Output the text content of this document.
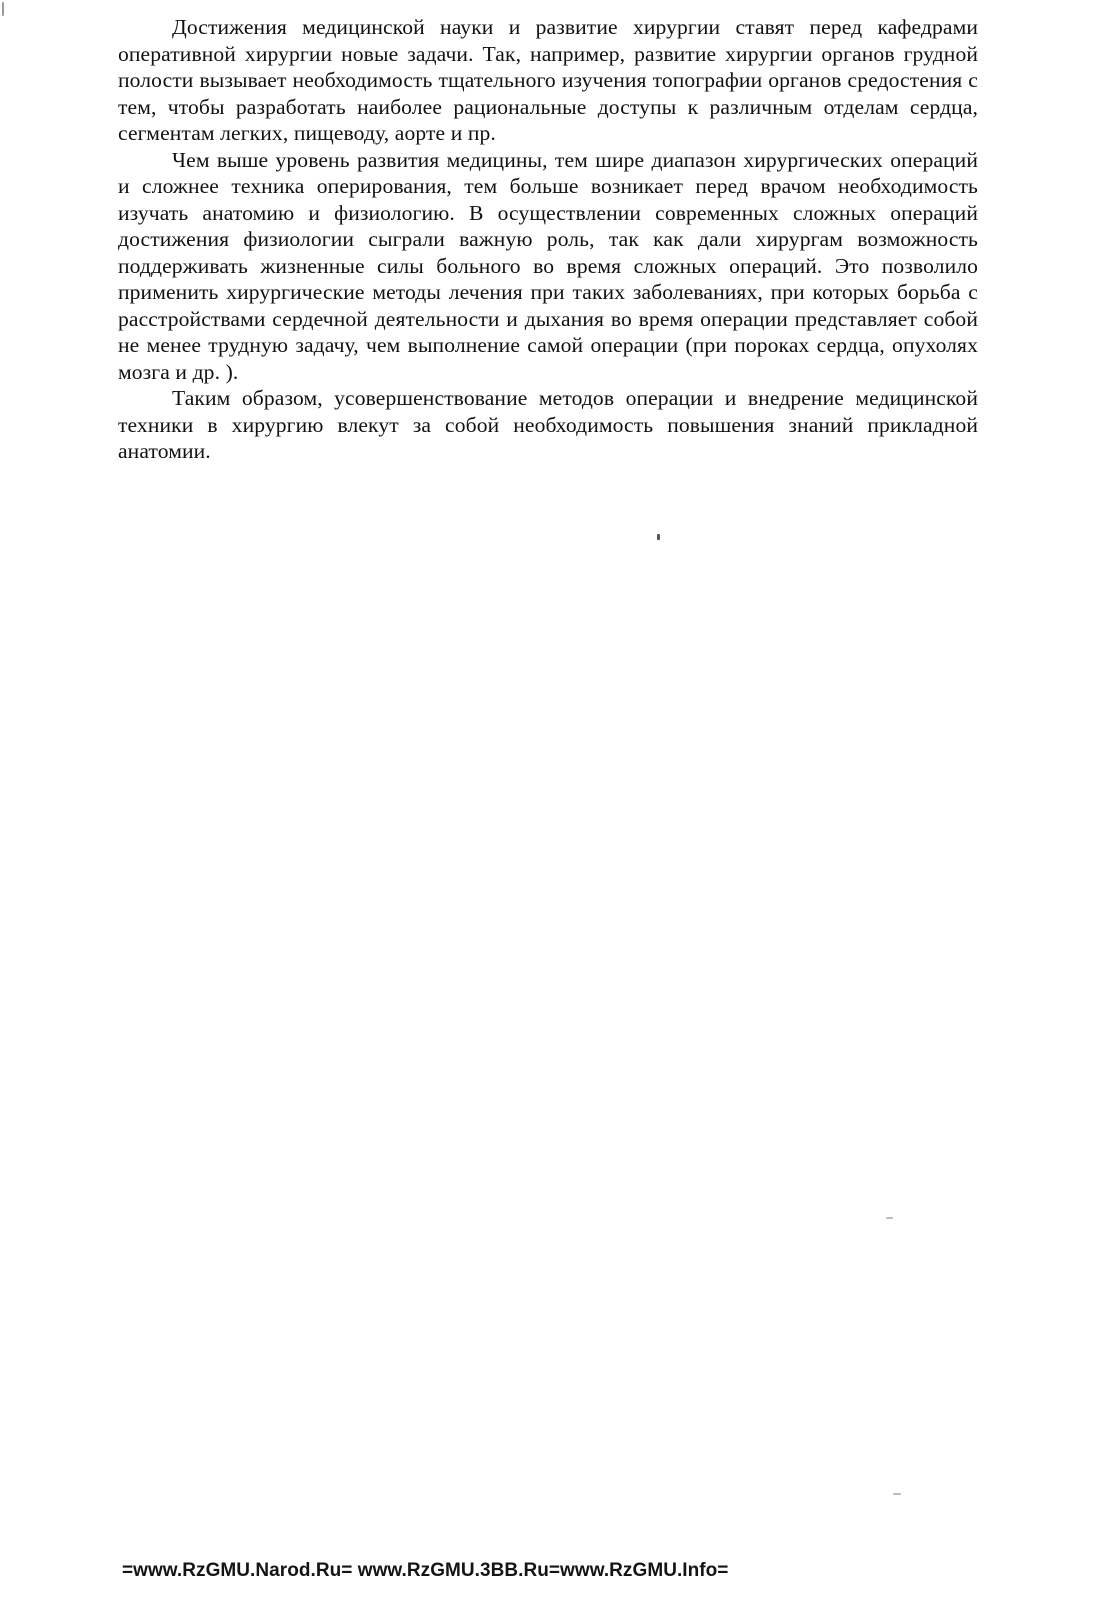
Достижения медицинской науки и развитие хирургии ставят перед кафедрами оперативной хирургии новые задачи. Так, например, развитие хирургии органов грудной полости вызывает необходимость тщательного изучения топографии органов средостения с тем, чтобы разработать наиболее рациональные доступы к различным отделам сердца, сегментам легких, пищеводу, аорте и пр.

Чем выше уровень развития медицины, тем шире диапазон хирургических операций и сложнее техника оперирования, тем больше возникает перед врачом необходимость изучать анатомию и физиологию. В осуществлении современных сложных операций достижения физиологии сыграли важную роль, так как дали хирургам возможность поддерживать жизненные силы больного во время сложных операций. Это позволило применить хирургические методы лечения при таких заболеваниях, при которых борьба с расстройствами сердечной деятельности и дыхания во время операции представляет собой не менее трудную задачу, чем выполнение самой операции (при пороках сердца, опухолях мозга и др. ).

Таким образом, усовершенствование методов операции и внедрение медицинской техники в хирургию влекут за собой необходимость повышения знаний прикладной анатомии.

=www.RzGMU.Narod.Ru= www.RzGMU.3BB.Ru=www.RzGMU.Info=
